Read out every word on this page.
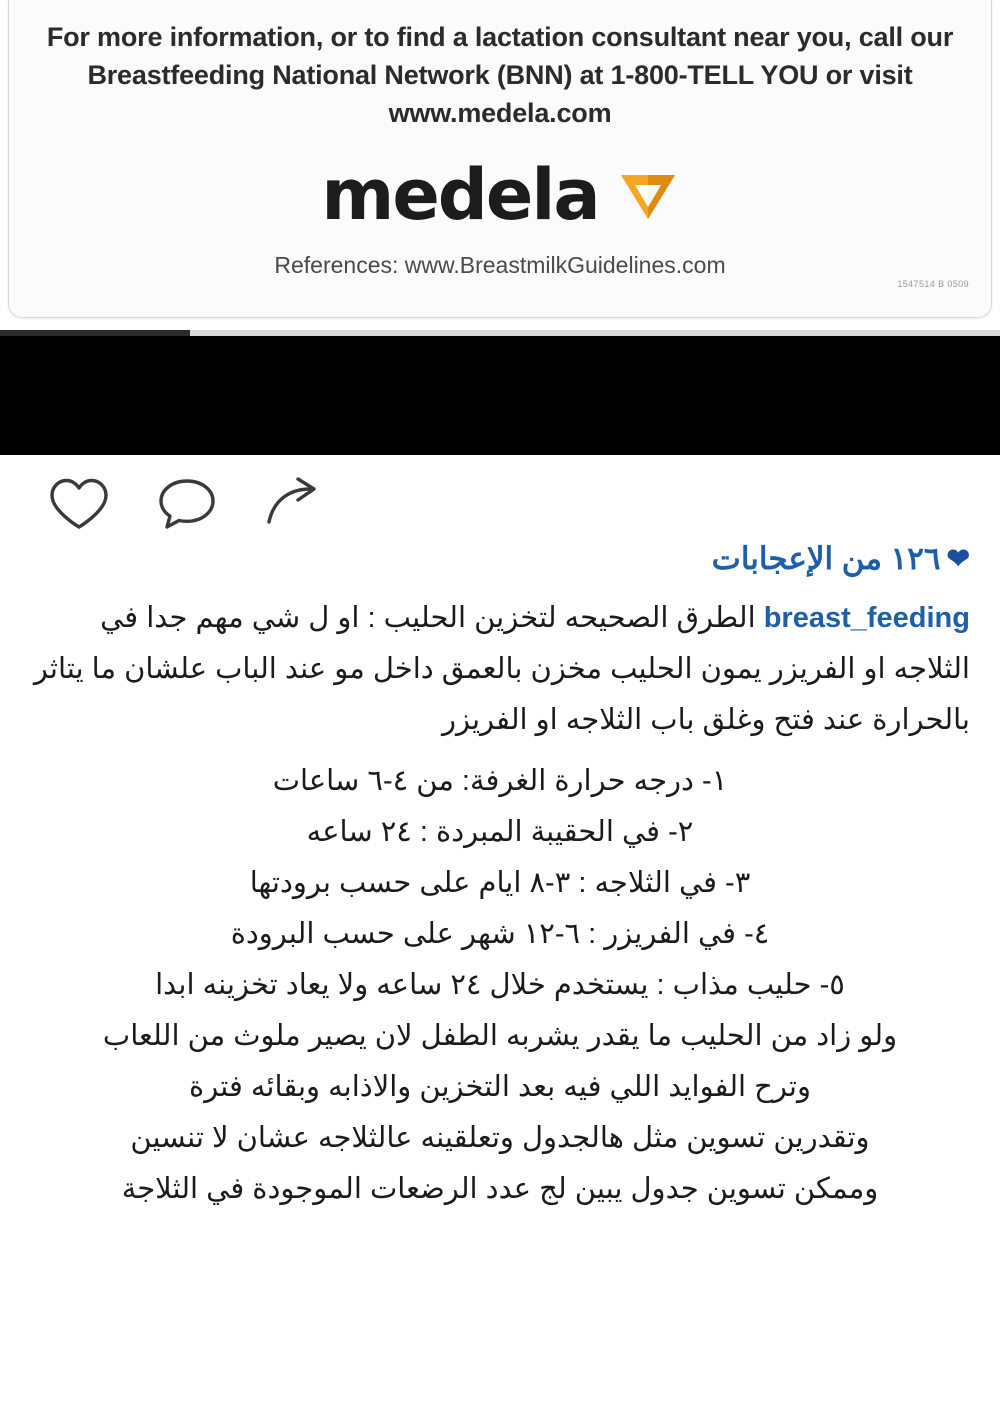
For more information, or to find a lactation consultant near you, call our Breastfeeding National Network (BNN) at 1-800-TELL YOU or visit www.medela.com
medela
References: www.BreastmilkGuidelines.com
1547514 B 0509
❤
١٢٦ من الإعجابات
breast_feeding الطرق الصحيحه لتخزين الحليب : او ل شي مهم جدا في الثلاجه او الفريزر يمون الحليب مخزن بالعمق داخل مو عند الباب علشان ما يتاثر بالحرارة عند فتح وغلق باب الثلاجه او الفريزر
١- درجه حرارة الغرفة: من ٤-٦ ساعات
٢- في الحقيبة المبردة : ٢٤ ساعه
٣- في الثلاجه : ٣-٨ ايام على حسب برودتها
٤- في الفريزر : ٦-١٢ شهر على حسب البرودة
٥- حليب مذاب : يستخدم خلال ٢٤ ساعه ولا يعاد تخزينه ابدا
ولو زاد من الحليب ما يقدر يشربه الطفل لان يصير ملوث من اللعاب
وترح الفوايد اللي فيه بعد التخزين والاذابه وبقائه فترة
وتقدرين تسوين مثل هالجدول وتعلقينه عالثلاجه عشان لا تنسين
وممكن تسوين جدول يبين لج عدد الرضعات الموجودة في الثلاجة
